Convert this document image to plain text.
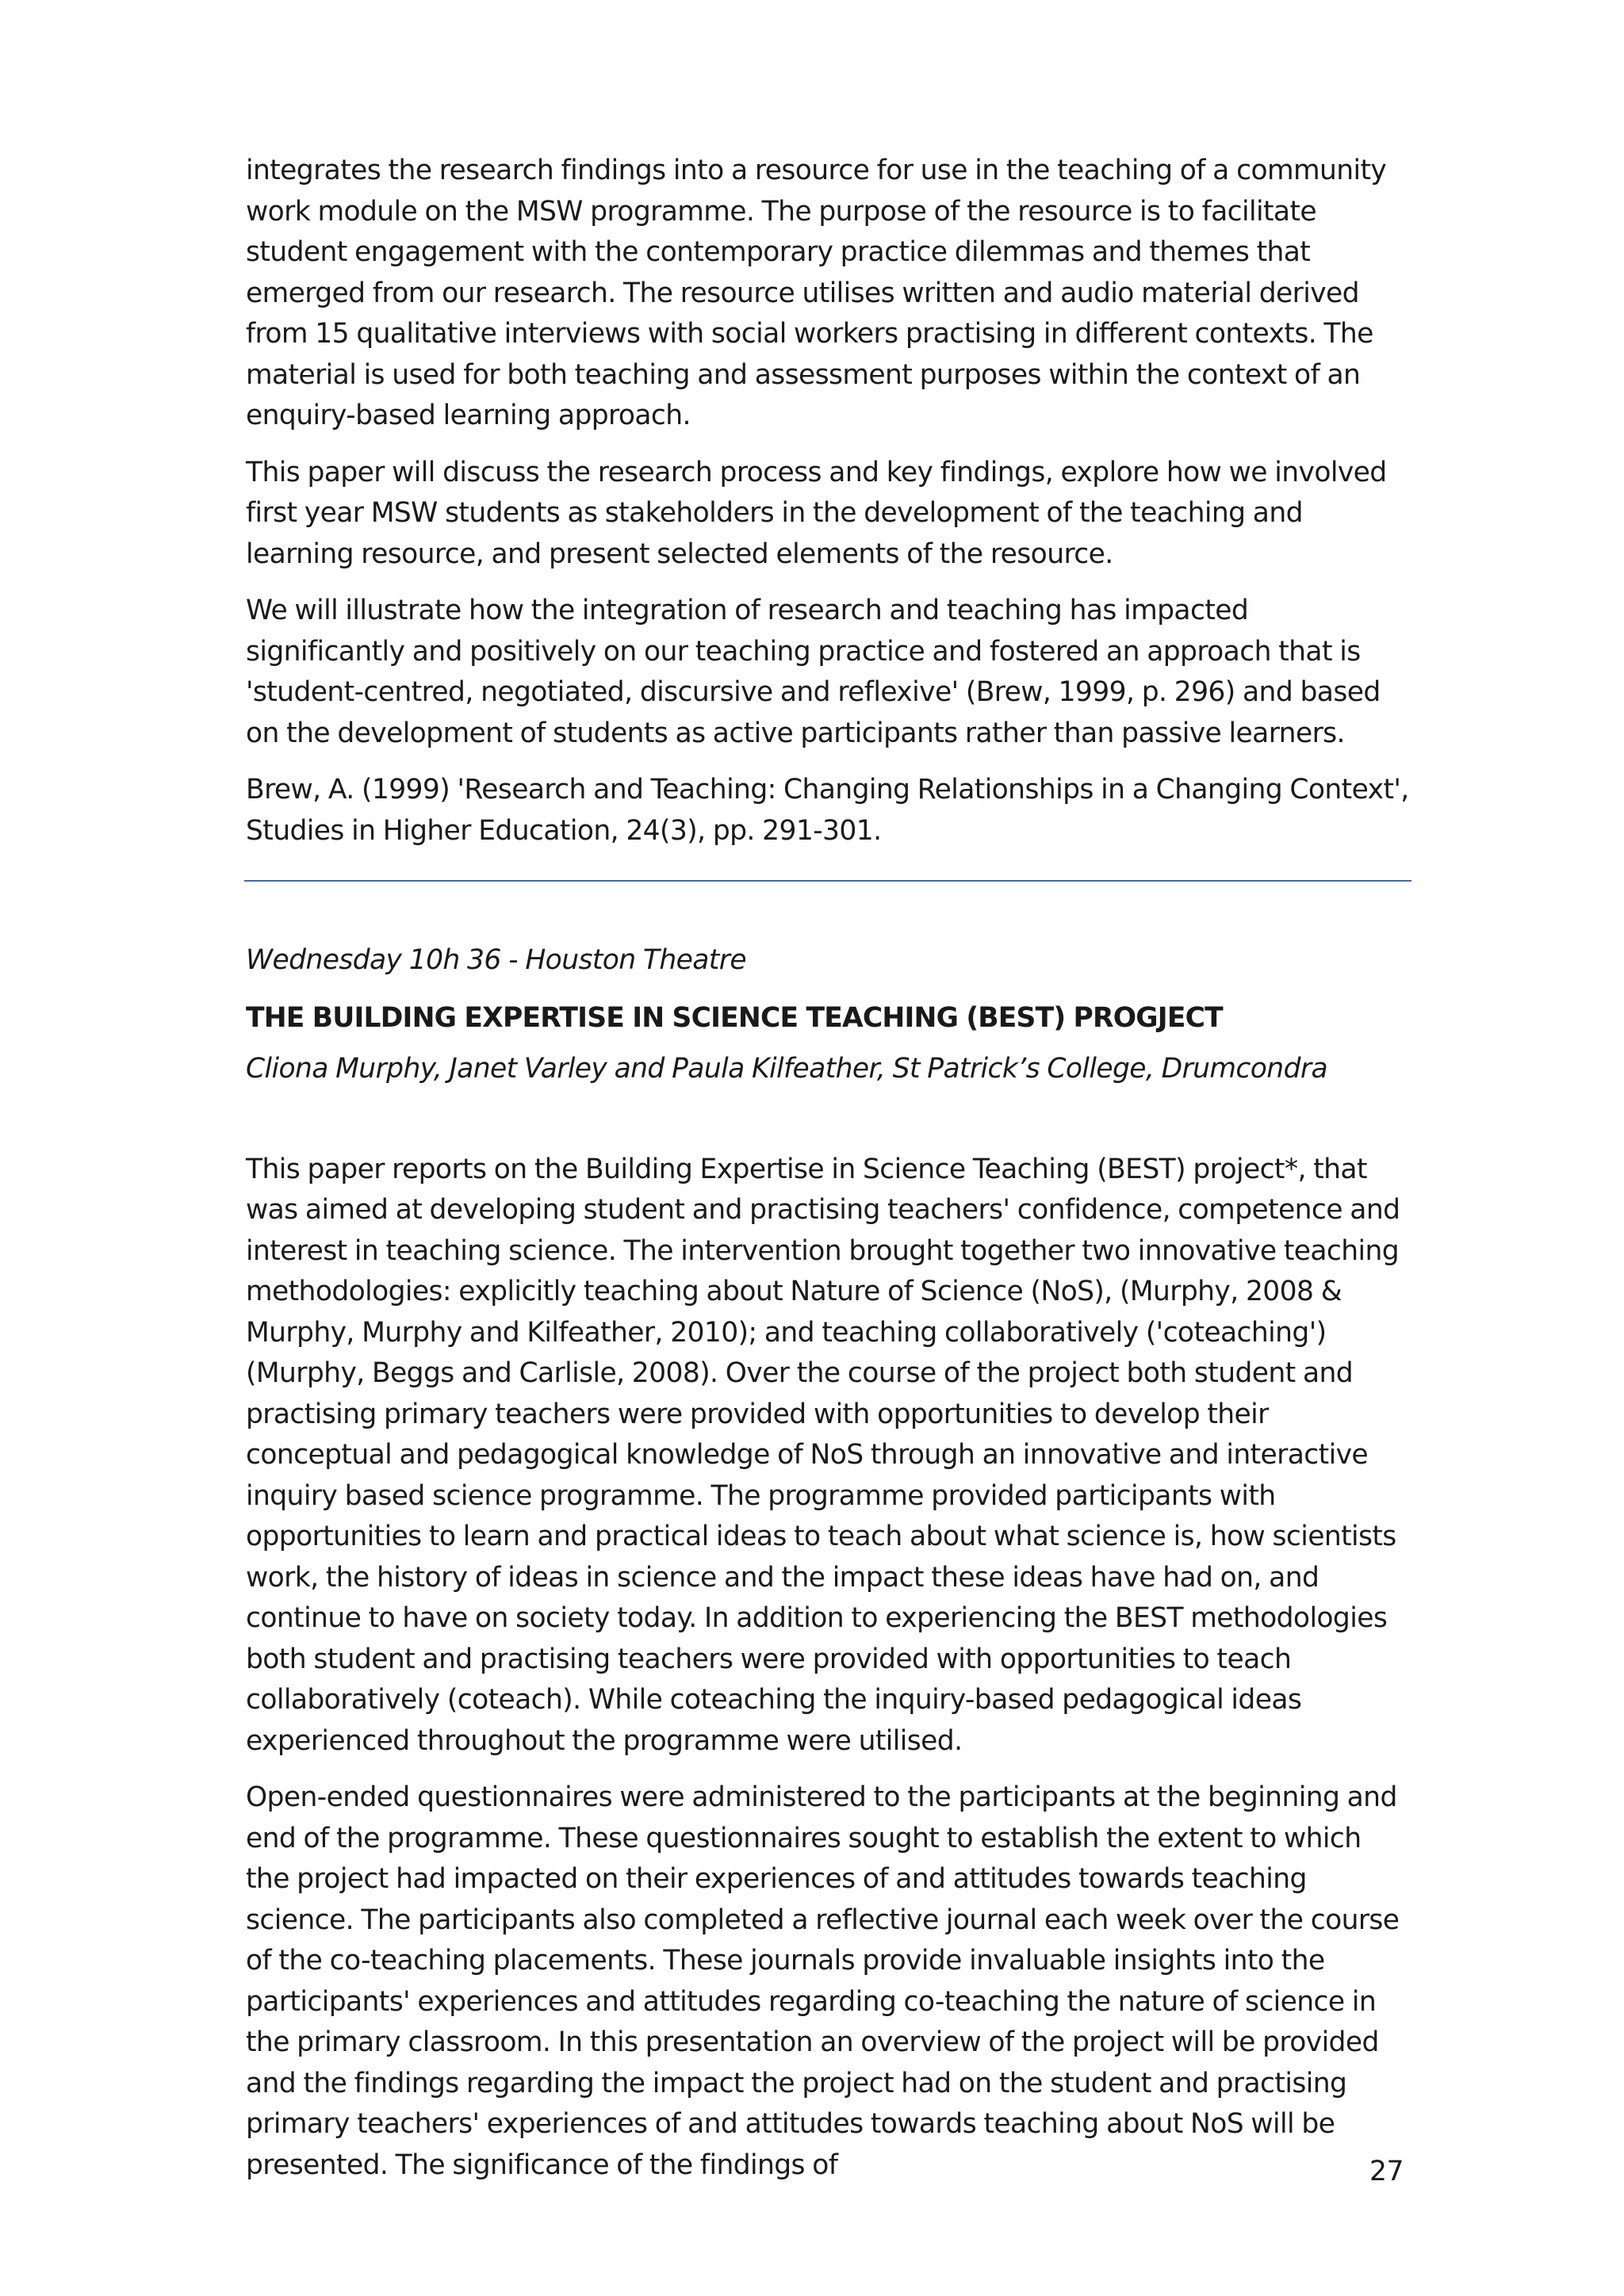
integrates the research findings into a resource for use in the teaching of a community work module on the MSW programme. The purpose of the resource is to facilitate student engagement with the contemporary practice dilemmas and themes that emerged from our research. The resource utilises written and audio material derived from 15 qualitative interviews with social workers practising in different contexts. The material is used for both teaching and assessment purposes within the context of an enquiry-based learning approach.

This paper will discuss the research process and key findings, explore how we involved first year MSW students as stakeholders in the development of the teaching and learning resource, and present selected elements of the resource.

We will illustrate how the integration of research and teaching has impacted significantly and positively on our teaching practice and fostered an approach that is 'student-centred, negotiated, discursive and reflexive' (Brew, 1999, p. 296) and based on the development of students as active participants rather than passive learners.

Brew, A. (1999) 'Research and Teaching: Changing Relationships in a Changing Context', Studies in Higher Education, 24(3), pp. 291-301.

Wednesday 10h 36 - Houston Theatre

THE BUILDING EXPERTISE IN SCIENCE TEACHING (BEST) PROGJECT

Cliona Murphy, Janet Varley and Paula Kilfeather, St Patrick’s College, Drumcondra

This paper reports on the Building Expertise in Science Teaching (BEST) project*, that was aimed at developing student and practising teachers' confidence, competence and interest in teaching science. The intervention brought together two innovative teaching methodologies: explicitly teaching about Nature of Science (NoS), (Murphy, 2008 & Murphy, Murphy and Kilfeather, 2010); and teaching collaboratively ('coteaching') (Murphy, Beggs and Carlisle, 2008). Over the course of the project both student and practising primary teachers were provided with opportunities to develop their conceptual and pedagogical knowledge of NoS through an innovative and interactive inquiry based science programme. The programme provided participants with opportunities to learn and practical ideas to teach about what science is, how scientists work, the history of ideas in science and the impact these ideas have had on, and continue to have on society today. In addition to experiencing the BEST methodologies both student and practising teachers were provided with opportunities to teach collaboratively (coteach). While coteaching the inquiry-based pedagogical ideas experienced throughout the programme were utilised.

Open-ended questionnaires were administered to the participants at the beginning and end of the programme. These questionnaires sought to establish the extent to which the project had impacted on their experiences of and attitudes towards teaching science. The participants also completed a reflective journal each week over the course of the co-teaching placements. These journals provide invaluable insights into the participants' experiences and attitudes regarding co-teaching the nature of science in the primary classroom. In this presentation an overview of the project will be provided and the findings regarding the impact the project had on the student and practising primary teachers' experiences of and attitudes towards teaching about NoS will be presented. The significance of the findings of	27
